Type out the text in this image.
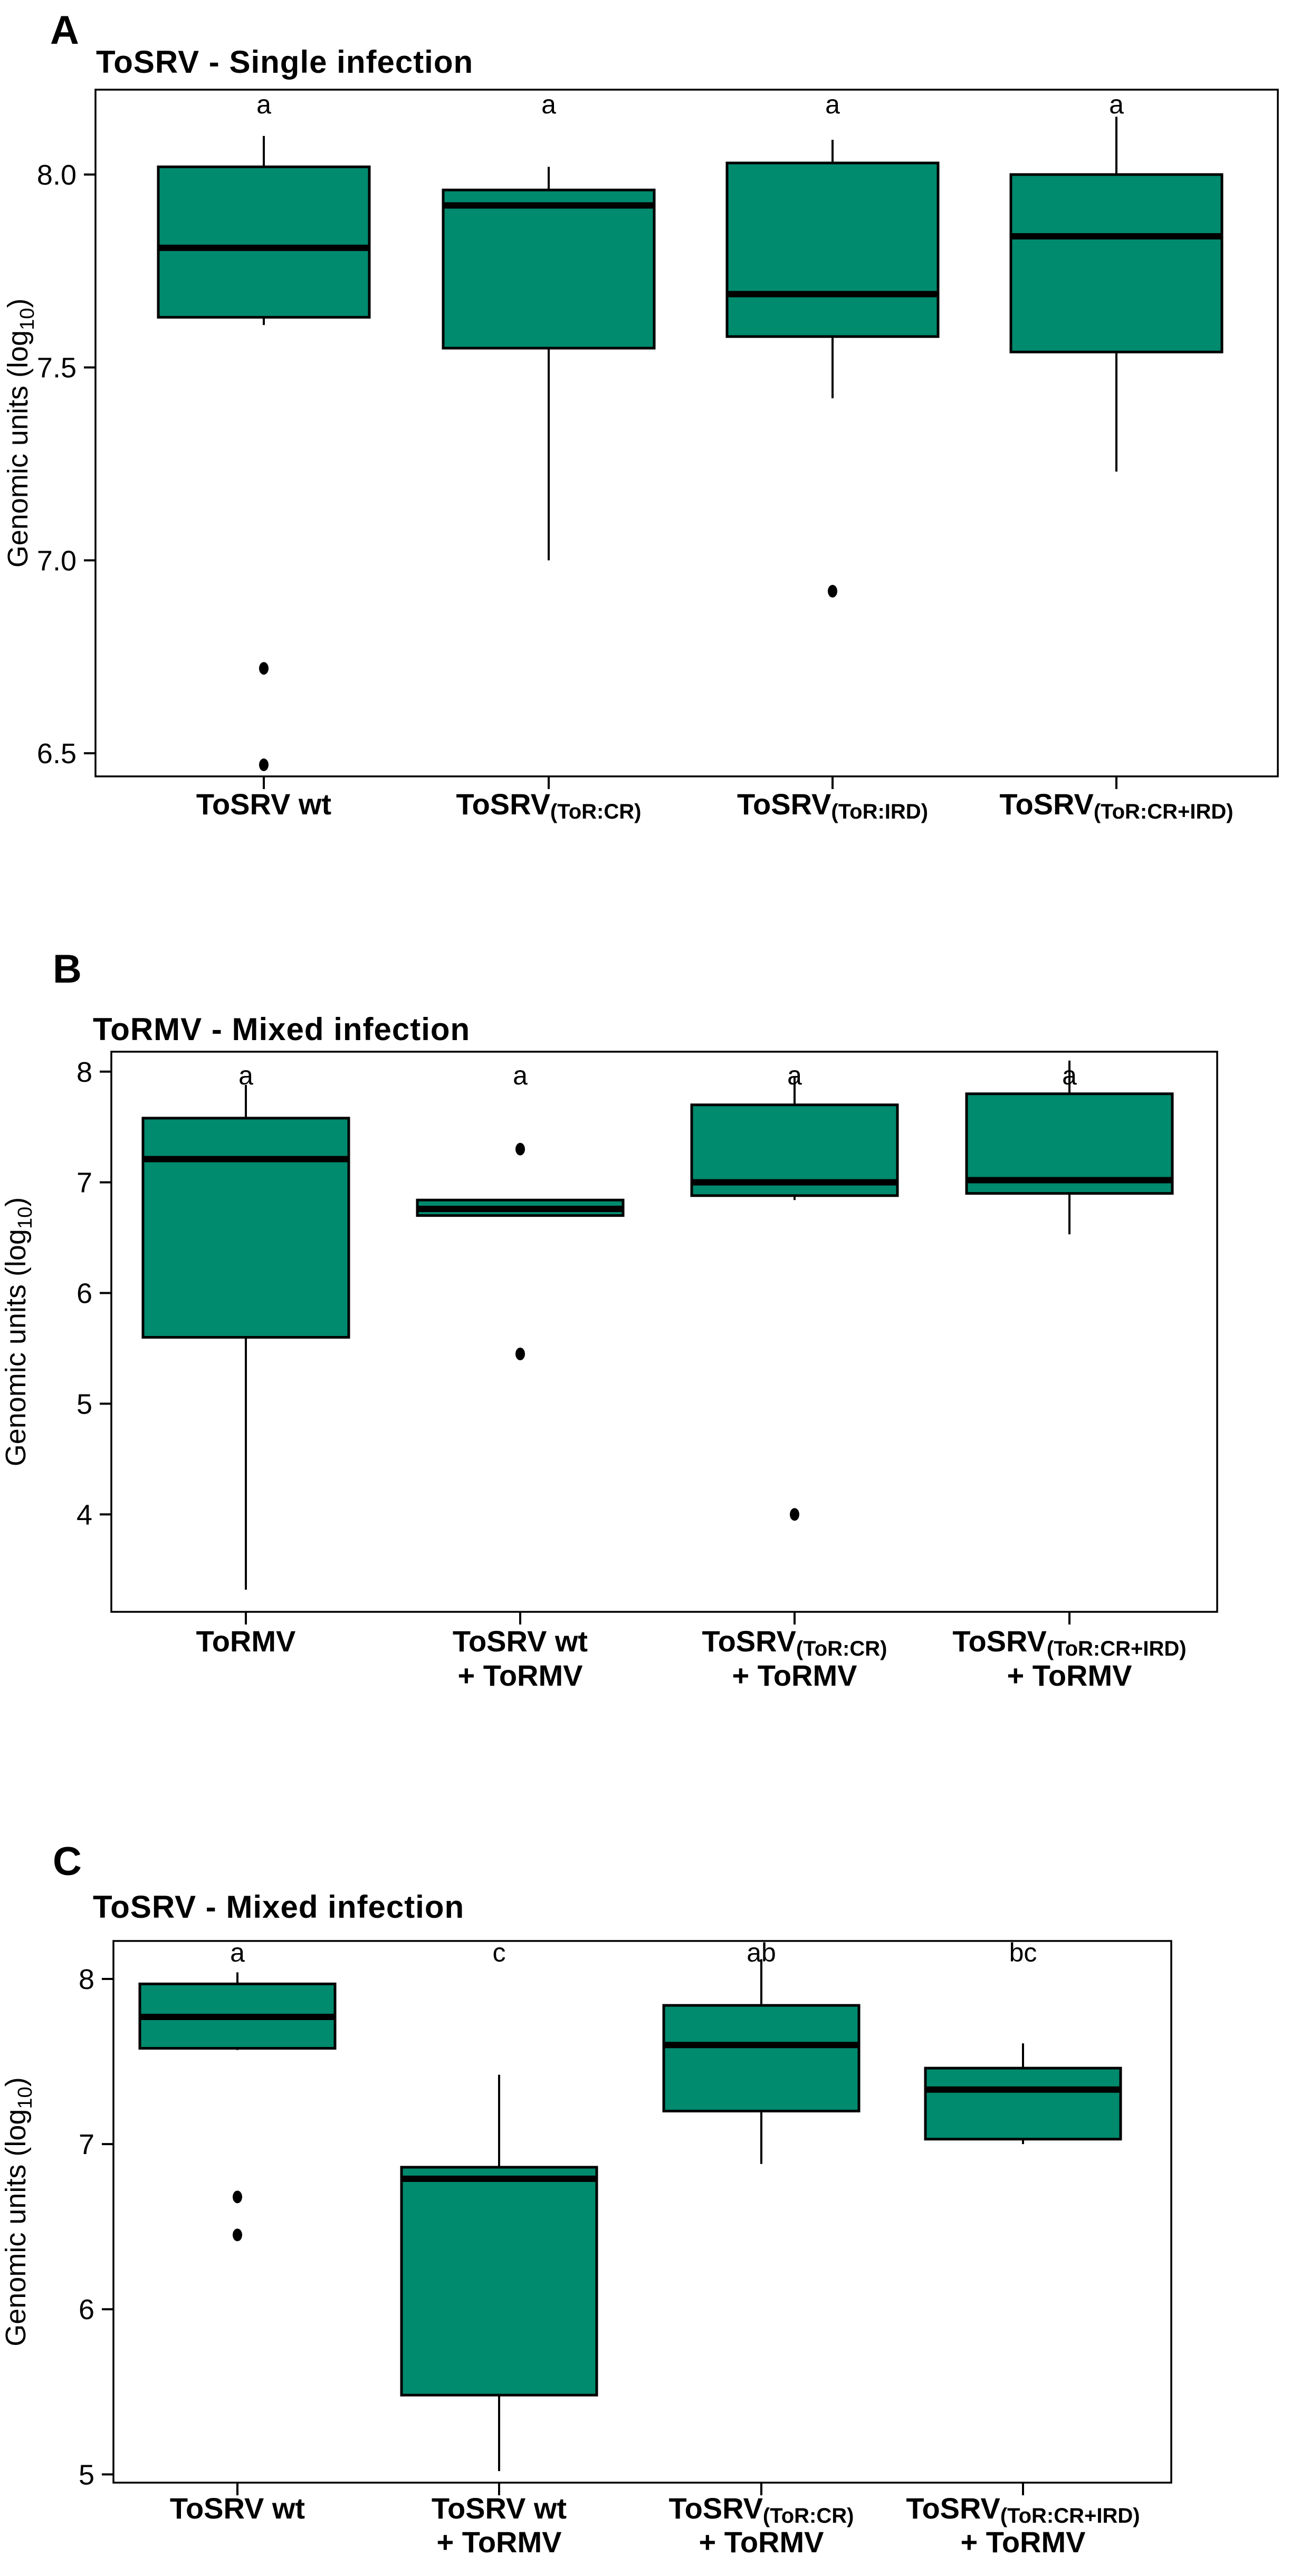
A
ToSRV - Single infection
8.0
7.5
7.0
6.5
Genomic units $(\log_{10})$
a
ToSRV wt
a
ToSRV(ToR:CR)
a
ToSRV(ToR:IRD)
a
ToSRV(ToR:CR+IRD)
B
ToRMV - Mixed infection
8
7
6
5
4
Genomic units $(\log_{10})$
a
ToRMV
a
ToSRV wt
+ ToRMV
a
ToSRV(ToR:CR)
+ ToRMV
a
ToSRV(ToR:CR+IRD)
+ ToRMV
C
ToSRV - Mixed infection
8
7
6
5
Genomic units $(\log_{10})$
a
ToSRV wt
c
ToSRV wt
+ ToRMV
ab
ToSRV(ToR:CR)
+ ToRMV
bc
ToSRV(ToR:CR+IRD)
+ ToRMV
